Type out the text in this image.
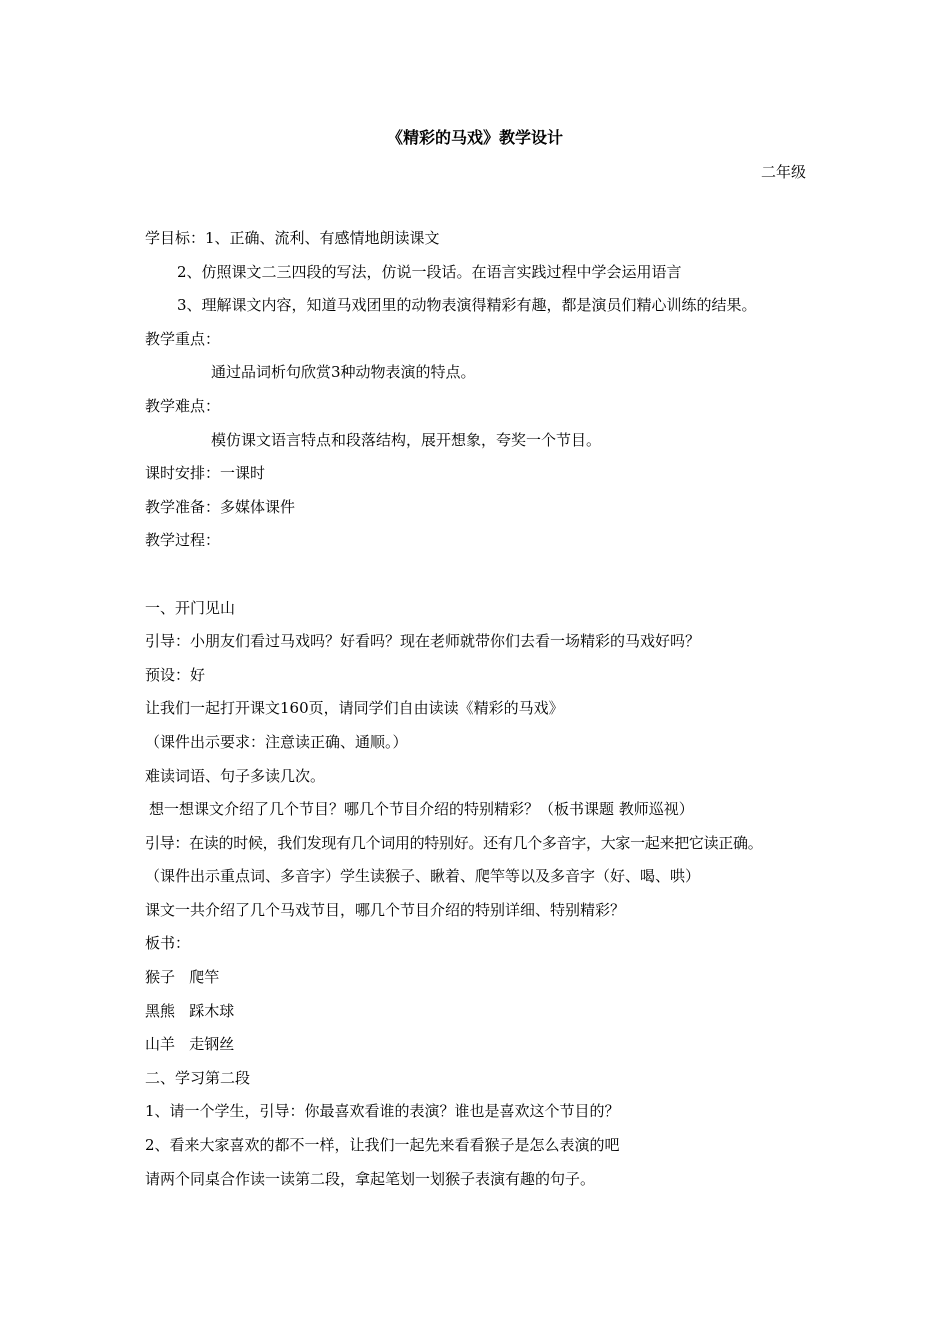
《精彩的马戏》教学设计
二年级
学目标：1、正确、流利、有感情地朗读课文
2、仿照课文二三四段的写法，仿说一段话。在语言实践过程中学会运用语言
3、理解课文内容，知道马戏团里的动物表演得精彩有趣，都是演员们精心训练的结果。
教学重点：
通过品词析句欣赏3种动物表演的特点。
教学难点：
模仿课文语言特点和段落结构，展开想象，夸奖一个节目。
课时安排：一课时
教学准备：多媒体课件
教学过程：
一、开门见山
引导：小朋友们看过马戏吗？好看吗？现在老师就带你们去看一场精彩的马戏好吗？
预设：好
让我们一起打开课文160页，请同学们自由读读《精彩的马戏》
（课件出示要求：注意读正确、通顺。）
难读词语、句子多读几次。
想一想课文介绍了几个节目？哪几个节目介绍的特别精彩？（板书课题 教师巡视）
引导：在读的时候，我们发现有几个词用的特别好。还有几个多音字，大家一起来把它读正确。
（课件出示重点词、多音字）学生读猴子、瞅着、爬竿等以及多音字（好、喝、哄）
课文一共介绍了几个马戏节目，哪几个节目介绍的特别详细、特别精彩？
板书：
猴子   爬竿
黑熊   踩木球
山羊   走钢丝
二、学习第二段
1、请一个学生，引导：你最喜欢看谁的表演？谁也是喜欢这个节目的？
2、看来大家喜欢的都不一样，让我们一起先来看看猴子是怎么表演的吧
请两个同桌合作读一读第二段，拿起笔划一划猴子表演有趣的句子。
